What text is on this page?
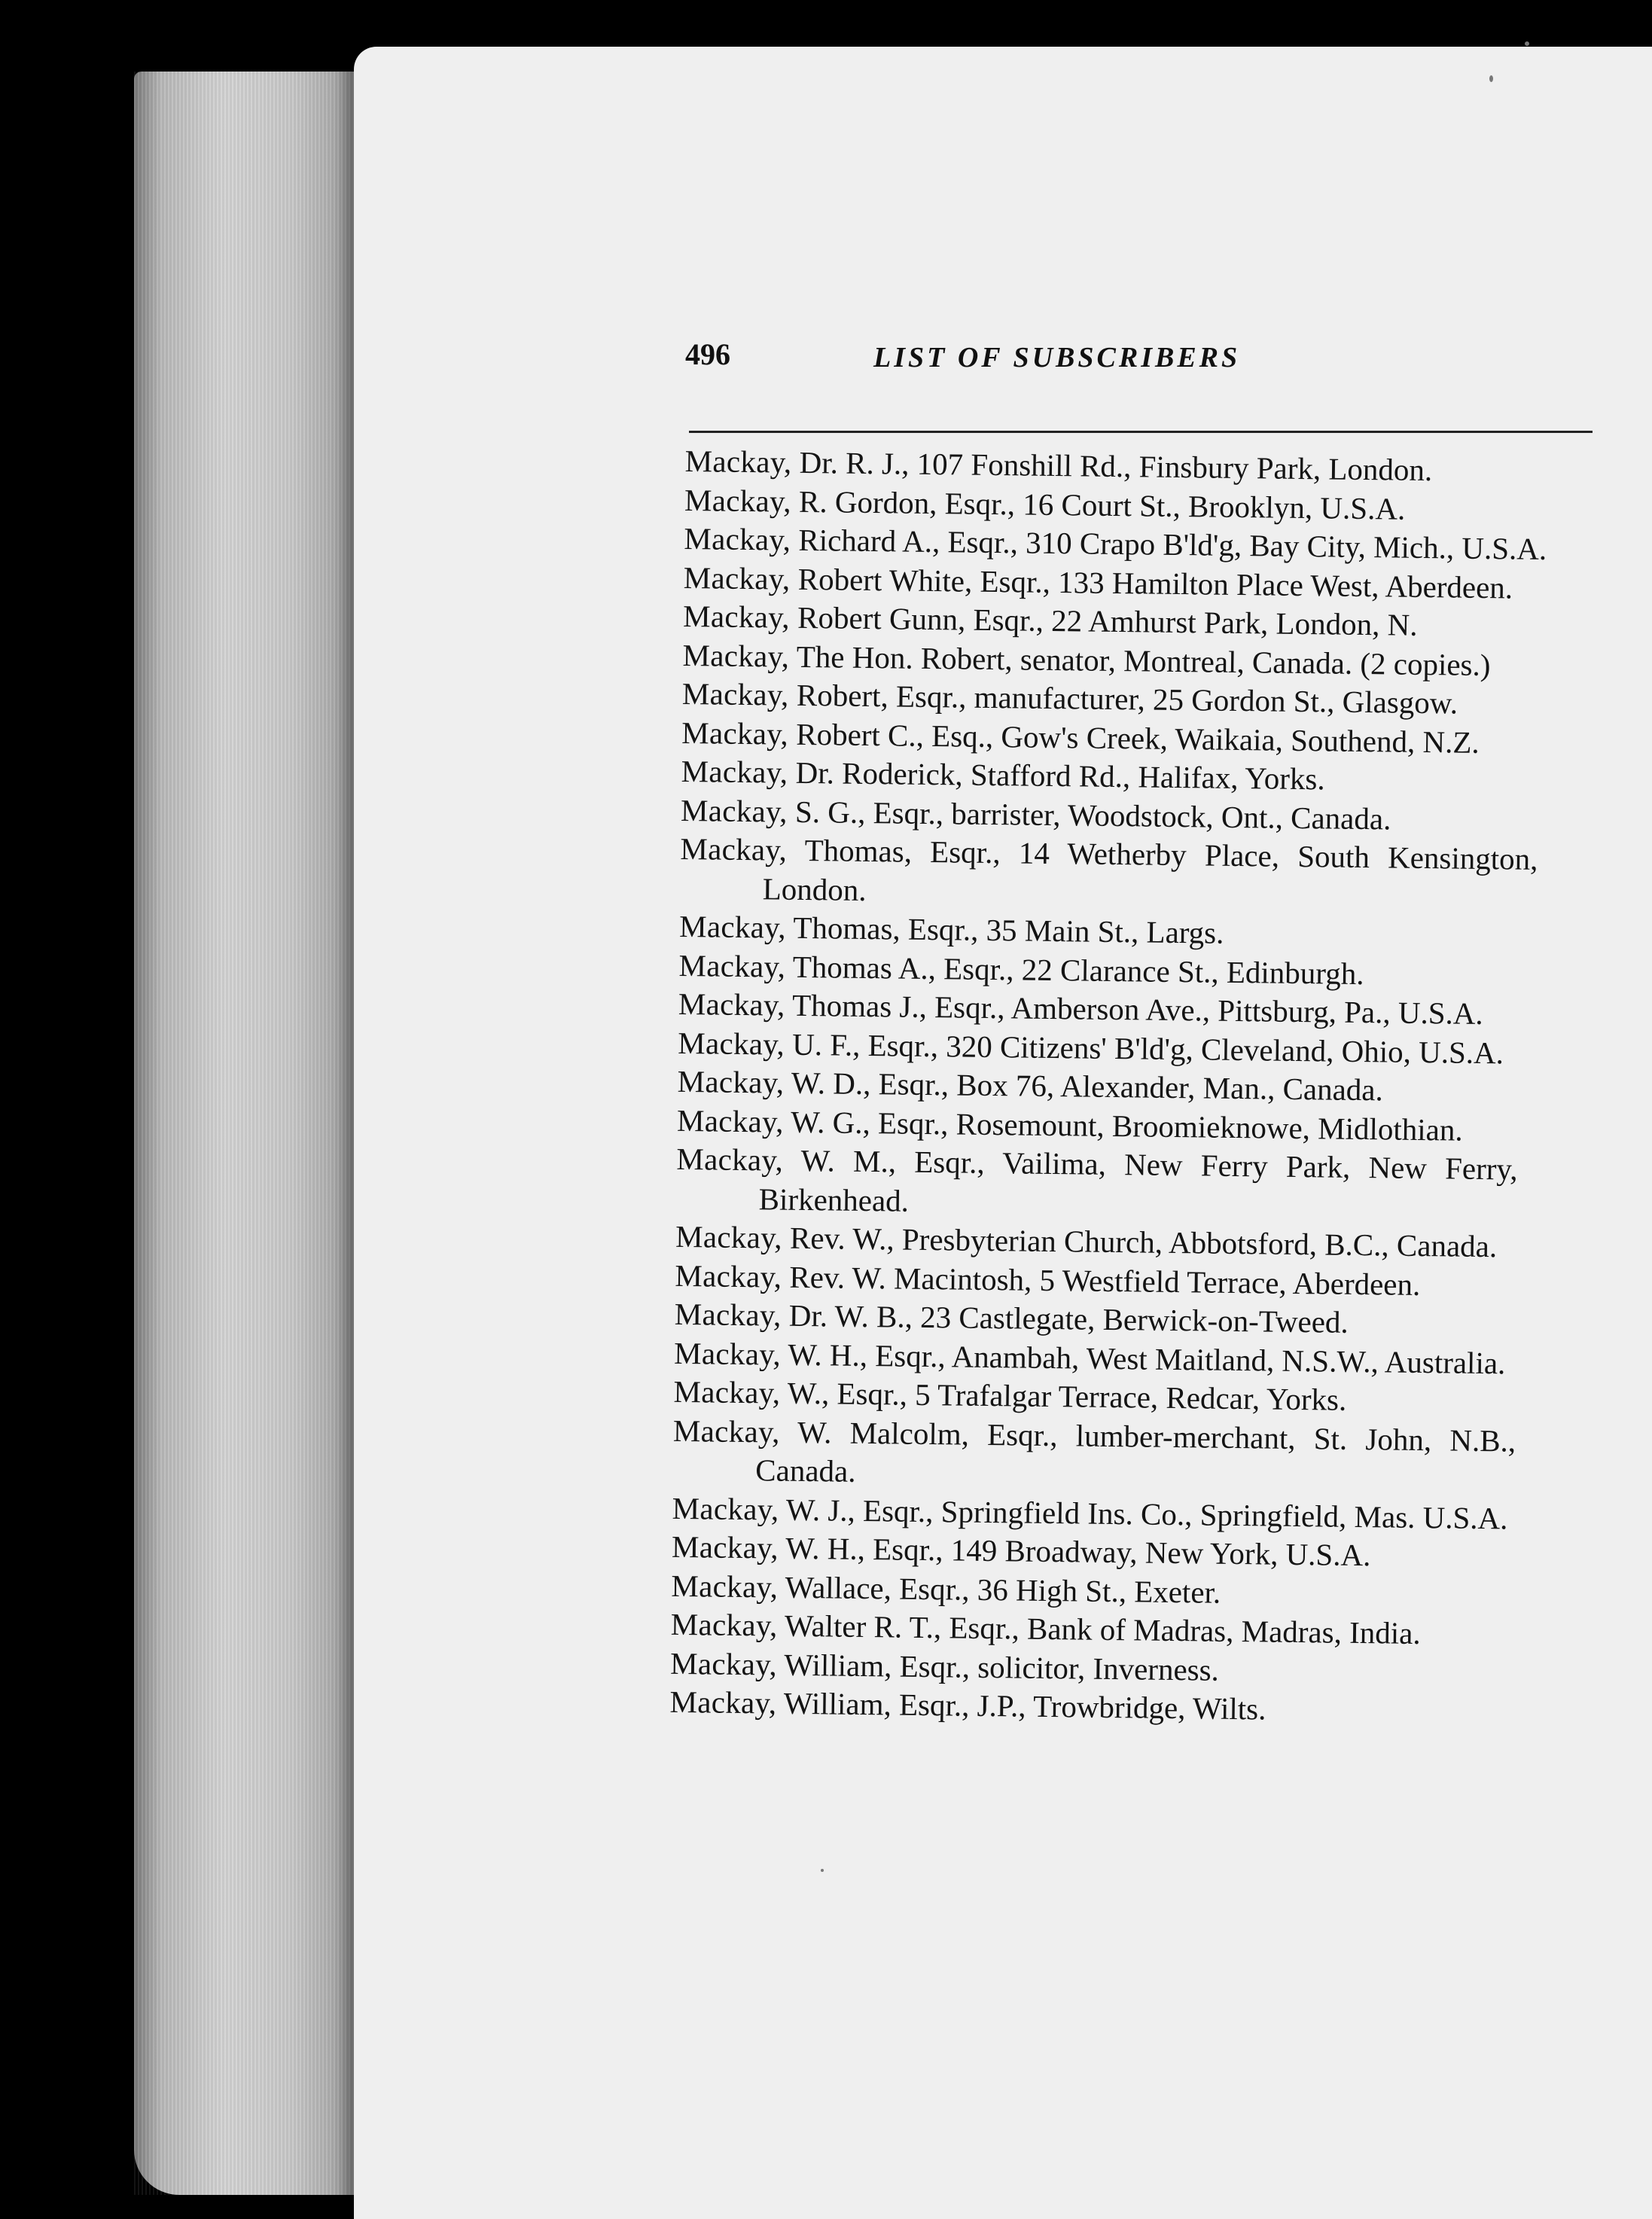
496	LIST OF SUBSCRIBERS
Mackay, Dr. R. J., 107 Fonshill Rd., Finsbury Park, London.
Mackay, R. Gordon, Esqr., 16 Court St., Brooklyn, U.S.A.
Mackay, Richard A., Esqr., 310 Crapo B'ld'g, Bay City, Mich., U.S.A.
Mackay, Robert White, Esqr., 133 Hamilton Place West, Aberdeen.
Mackay, Robert Gunn, Esqr., 22 Amhurst Park, London, N.
Mackay, The Hon. Robert, senator, Montreal, Canada. (2 copies.)
Mackay, Robert, Esqr., manufacturer, 25 Gordon St., Glasgow.
Mackay, Robert C., Esq., Gow's Creek, Waikaia, Southend, N.Z.
Mackay, Dr. Roderick, Stafford Rd., Halifax, Yorks.
Mackay, S. G., Esqr., barrister, Woodstock, Ont., Canada.
Mackay, Thomas, Esqr., 14 Wetherby Place, South Kensington, London.
Mackay, Thomas, Esqr., 35 Main St., Largs.
Mackay, Thomas A., Esqr., 22 Clarance St., Edinburgh.
Mackay, Thomas J., Esqr., Amberson Ave., Pittsburg, Pa., U.S.A.
Mackay, U. F., Esqr., 320 Citizens' B'ld'g, Cleveland, Ohio, U.S.A.
Mackay, W. D., Esqr., Box 76, Alexander, Man., Canada.
Mackay, W. G., Esqr., Rosemount, Broomieknowe, Midlothian.
Mackay, W. M., Esqr., Vailima, New Ferry Park, New Ferry, Birkenhead.
Mackay, Rev. W., Presbyterian Church, Abbotsford, B.C., Canada.
Mackay, Rev. W. Macintosh, 5 Westfield Terrace, Aberdeen.
Mackay, Dr. W. B., 23 Castlegate, Berwick-on-Tweed.
Mackay, W. H., Esqr., Anambah, West Maitland, N.S.W., Australia.
Mackay, W., Esqr., 5 Trafalgar Terrace, Redcar, Yorks.
Mackay, W. Malcolm, Esqr., lumber-merchant, St. John, N.B., Canada.
Mackay, W. J., Esqr., Springfield Ins. Co., Springfield, Mas. U.S.A.
Mackay, W. H., Esqr., 149 Broadway, New York, U.S.A.
Mackay, Wallace, Esqr., 36 High St., Exeter.
Mackay, Walter R. T., Esqr., Bank of Madras, Madras, India.
Mackay, William, Esqr., solicitor, Inverness.
Mackay, William, Esqr., J.P., Trowbridge, Wilts.
